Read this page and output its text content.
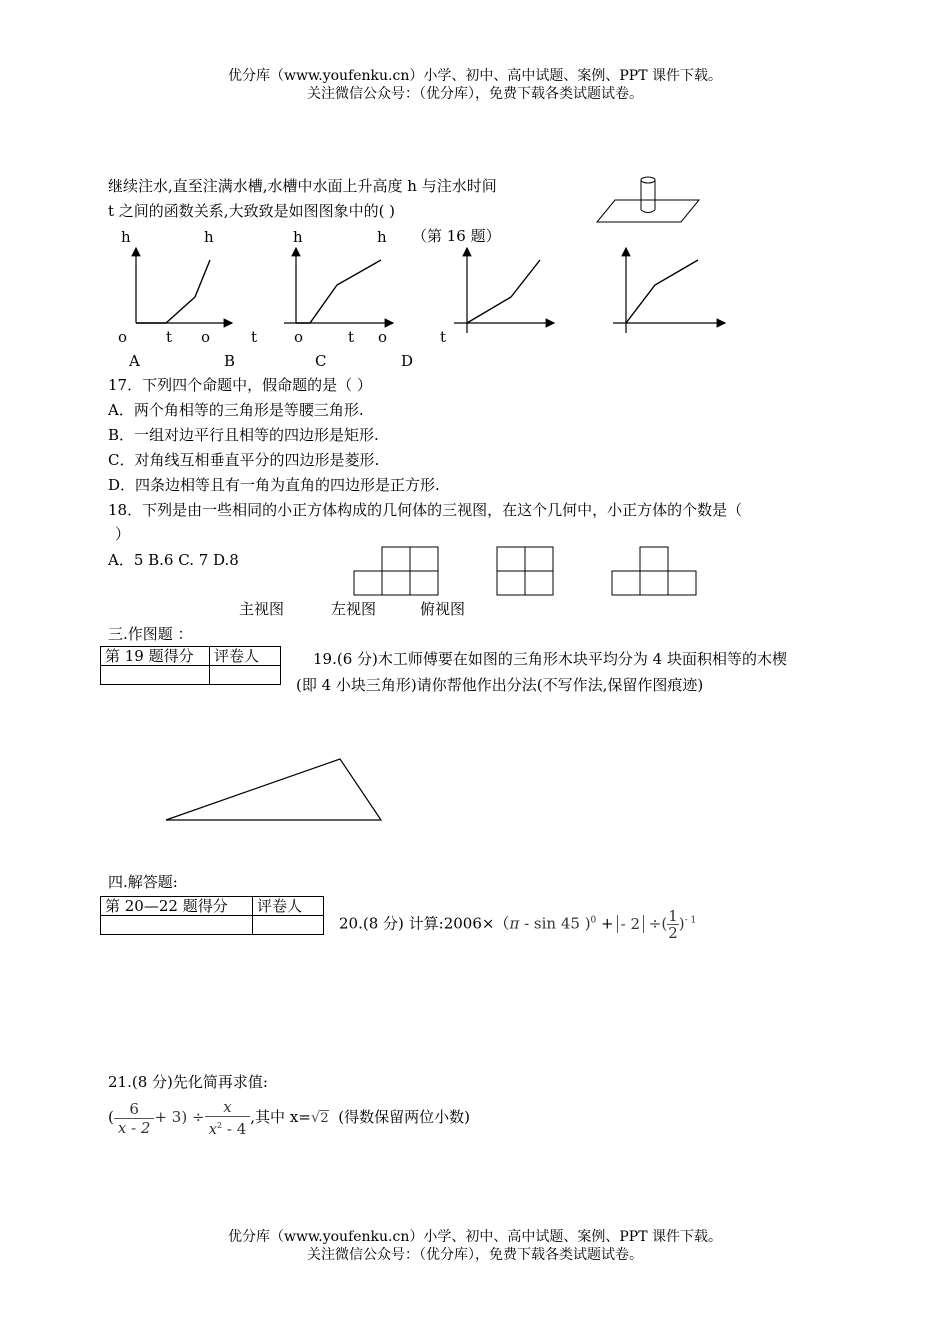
优分库（www.youfenku.cn）小学、初中、高中试题、案例、PPT 课件下载。
关注微信公众号：（优分库），免费下载各类试题试卷。
继续注水,直至注满水槽,水槽中水面上升高度 h 与注水时间
t 之间的函数关系,大致致是如图图象中的( )
（第 16 题）
h	h	h	h
o	t o	t o	t o	t
A	B	C	D
17．下列四个命题中，假命题的是（ ）
A．两个角相等的三角形是等腰三角形.
B．一组对边平行且相等的四边形是矩形.
C．对角线互相垂直平分的四边形是菱形.
D．四条边相等且有一角为直角的四边形是正方形.
18．下列是由一些相同的小正方体构成的几何体的三视图，在这个几何中，小正方体的个数是（
）
A．5 B.6 C. 7 D.8
主视图	左视图	俯视图
三.作图题 ：
第 19 题得分	评卷人
		19.(6 分)木工师傅要在如图的三角形木块平均分为 4 块面积相等的木楔
(即 4 小块三角形)请你帮他作出分法(不写作法,保留作图痕迹)
四.解答题:
第 20—22 题得分	评卷人

20.(8 分) 计算:2006×（π - sin 45 )$^0$ + - 2 ÷( $\frac{1}{2} )^{- 1}$
21.(8 分)先化简再求值:
( $\frac{6}{x - 2} + 3) \div \frac{x}{x^2 - 4}$ ,其中 x=√2 (得数保留两位小数)
优分库（www.youfenku.cn）小学、初中、高中试题、案例、PPT 课件下载。
关注微信公众号：（优分库），免费下载各类试题试卷。
